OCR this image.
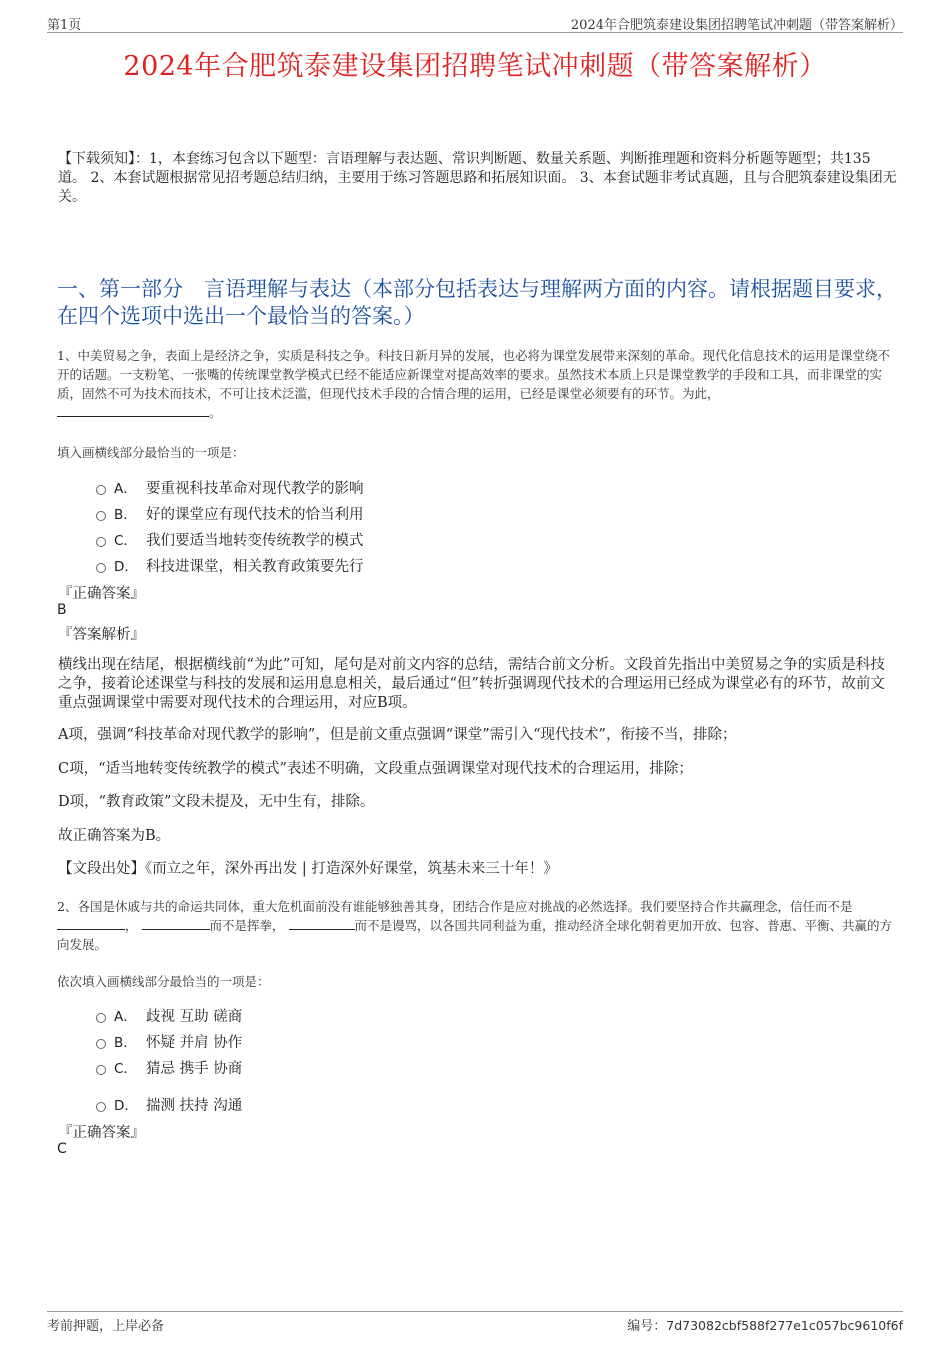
第1页	2024年合肥筑泰建设集团招聘笔试冲刺题（带答案解析）
2024年合肥筑泰建设集团招聘笔试冲刺题（带答案解析）
【下载须知】：1，本套练习包含以下题型：言语理解与表达题、常识判断题、数量关系题、判断推理题和资料分析题等题型；共135道。 2、本套试题根据常见招考题总结归纳，主要用于练习答题思路和拓展知识面。 3、本套试题非考试真题，且与合肥筑泰建设集团无关。
一、第一部分　言语理解与表达（本部分包括表达与理解两方面的内容。请根据题目要求，在四个选项中选出一个最恰当的答案。）
1、中美贸易之争，表面上是经济之争，实质是科技之争。科技日新月异的发展，也必将为课堂发展带来深刻的革命。现代化信息技术的运用是课堂绕不开的话题。一支粉笔、一张嘴的传统课堂教学模式已经不能适应新课堂对提高效率的要求。虽然技术本质上只是课堂教学的手段和工具，而非课堂的实质，固然不可为技术而技术，不可让技术泛滥，但现代技术手段的合情合理的运用，已经是课堂必须要有的环节。为此，
。
填入画横线部分最恰当的一项是：
A． 要重视科技革命对现代教学的影响
B． 好的课堂应有现代技术的恰当利用
C． 我们要适当地转变传统教学的模式
D． 科技进课堂，相关教育政策要先行
『正确答案』
B
『答案解析』
横线出现在结尾，根据横线前“为此”可知，尾句是对前文内容的总结，需结合前文分析。文段首先指出中美贸易之争的实质是科技之争，接着论述课堂与科技的发展和运用息息相关，最后通过“但”转折强调现代技术的合理运用已经成为课堂必有的环节，故前文重点强调课堂中需要对现代技术的合理运用，对应B项。
A项，强调“科技革命对现代教学的影响”，但是前文重点强调“课堂”需引入“现代技术”，衔接不当，排除；
C项，“适当地转变传统教学的模式”表述不明确，文段重点强调课堂对现代技术的合理运用，排除；
D项，“教育政策”文段未提及，无中生有，排除。
故正确答案为B。
【文段出处】《而立之年，深外再出发 | 打造深外好课堂，筑基未来三十年！》
2、各国是休戚与共的命运共同体，重大危机面前没有谁能够独善其身，团结合作是应对挑战的必然选择。我们要坚持合作共赢理念，信任而不是 ，	而不是挥拳，	而不是谩骂，以各国共同利益为重，推动经济全球化朝着更加开放、包容、普惠、平衡、共赢的方向发展。
依次填入画横线部分最恰当的一项是：
A． 歧视 互助 磋商
B． 怀疑 并肩 协作
C． 猜忌 携手 协商
D． 揣测 扶持 沟通
『正确答案』
C
考前押题，上岸必备	编号：7d73082cbf588f277e1c057bc9610f6f
